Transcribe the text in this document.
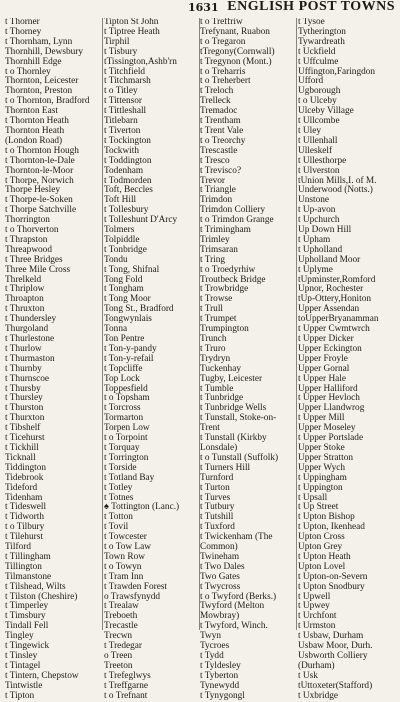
1631 ENGLISH POST TOWNS
t Thorner
t Thorney
t Thornham, Lynn
Thornhill, Dewsbury
Thornhill Edge
t o Thornley
Thornton, Leicester
Thornton, Preston
t o Thornton, Bradford
Thornton East
t Thornton Heath
Thornton Heath
(London Road)
t o Thornton Hough
t Thornton-le-Dale
Thornton-le-Moor
t Thorpe, Norwich
Thorpe Hesley
t Thorpe-le-Soken
t Thorpe Satchville
Thorrington
t o Thorverton
t Thrapston
Threapwood
t Three Bridges
Three Mile Cross
Threlkeld
t Thriplow
Throapton
t Thruxton
t Thundersley
Thurgoland
t Thurlestone
t Thurlow
t Thurmaston
t Thurnby
t Thurnscoe
t Thursby
t Thursley
t Thurston
t Thurxton
t Tibshelf
t Ticehurst
t Tickhill
Ticknall
Tiddington
Tidebrook
Tideford
Tidenham
t Tideswell
t Tidworth
t o Tilbury
t Tilehurst
Tilford
t Tillingham
Tillington
Tilmanstone
t Tilshead, Wilts
t Tilston (Cheshire)
t Timperley
t Timsbury
Tindall Fell
Tingley
t Tingewick
t Tinsley
t Tintagel
t Tintern, Chepstow
Tintwistle
t Tipton
Tipton St John
t Tiptree Heath
Tirphil
t Tisbury
tTissington,Ashb'rn
t Titchfield
t Titchmarsh
t o Titley
t Tittensor
t Tittleshall
Titlebarn
t Tiverton
t Tockington
Tockwith
t Toddington
Todenham
t Todmorden
Toft, Beccles
Toft Hill
t Tollesbury
t Tolleshunt D'Arcy
Tolmers
Tolpiddle
t Tonbridge
Tondu
t Tong, Shifnal
Tong Fold
t Tongham
t Tong Moor
Tong St., Bradford
Tongwynlais
Tonna
Ton Pentre
t Ton-y-pandy
t Ton-y-refail
t Topcliffe
Top Lock
Toppesfield
t o Topsham
t Torcross
Tormarton
Torpen Low
t o Torpoint
t Torquay
t Torrington
t Torside
t Totland Bay
t Totley
t Totnes
♠ Tottington (Lanc.)
t Totton
t Tovil
t Towcester
t o Tow Law
Town Row
t o Towyn
t Tram Inn
t Trawden Forest
o Trawsfynydd
t Trealaw
Treboeth
Trecastle
Trecwn
t Tredegar
o Treen
Treeton
t Trefeglwys
t Treffgarne
t o Trefnant
t o Treffriw
Trefynant, Ruabon
t o Tregaron
tTregony(Cornwall)
t Tregynon (Mont.)
t o Treharris
t o Treherbert
t Treloch
Trelleck
Tremadoc
t Trentham
t Trent Vale
t o Treorchy
Trescastle
t Tresco
t Trevisco?
Trevor
t Triangle
Trimdon
Trimdon Colliery
t o Trimdon Grange
t Trimingham
Trimley
Trimsaran
t Tring
t o Troedyrhiw
Troutbeck Bridge
t Trowbridge
t Trowse
t Trull
t Trumpet
Trumpington
Trunch
t Truro
Trydryn
Tuckenhay
Tugby, Leicester
t Tumble
t Tunbridge
t Tunbridge Wells
t Tunstall, Stoke-on-
Trent
t Tunstall (Kirkby
Lonsdale)
t o Tunstall (Suffolk)
t Turners Hill
Turnford
t Turton
t Turves
t Tutbury
t Tutshill
t Tuxford
t Twickenham (The
Common)
Twineham
t Two Dales
Two Gates
t Twycross
t o Twyford (Berks.)
Twyford (Melton
Mowbray)
t Twyford, Winch.
Twyn
Tycroes
t Tydd
t Tyldesley
t Tyberton
Tynewydd
t Tynygongl
t Tysoe
Tytherington
Tywardreath
t Uckfield
t Uffculme
Uffington,Faringdon
Ufford
Ugborough
t o Ulceby
Ulceby Village
t Ullcombe
t Uley
t Ullenhall
Ulleskelf
t Ullesthorpe
t Ulverston
tUnion Mills,I. of M.
Underwood (Notts.)
Unstone
t Up-avon
t Upchurch
Up Down Hill
t Upham
t Upholland
Upholland Moor
t Uplyme
tUpminster,Romford
Upnor, Rochester
tUp-Ottery,Honiton
Upper Assendan
toUpperBryanamman
t Upper Cwmtwrch
t Upper Dicker
Upper Eckington
Upper Froyle
Upper Gornal
t Upper Hale
Upper Halliford
t Upper Hevloch
Upper Llandwrog
t Upper Mill
Upper Moseley
t Upper Portslade
Upper Stoke
Upper Stratton
Upper Wych
t Uppingham
t Uppington
t Upsall
t Up Street
t Upton Bishop
t Upton, Ikenhead
Upton Cross
Upton Grey
t Upton Heath
Upton Lovel
t Upton-on-Severn
t Upton Snodbury
t Upwell
t Upwey
t Urchfont
t Urmston
t Usbaw, Durham
Usbaw Moor, Durh.
Usbworth Colliery
(Durham)
t Usk
tUttoxeter(Stafford)
t Uxbridge
